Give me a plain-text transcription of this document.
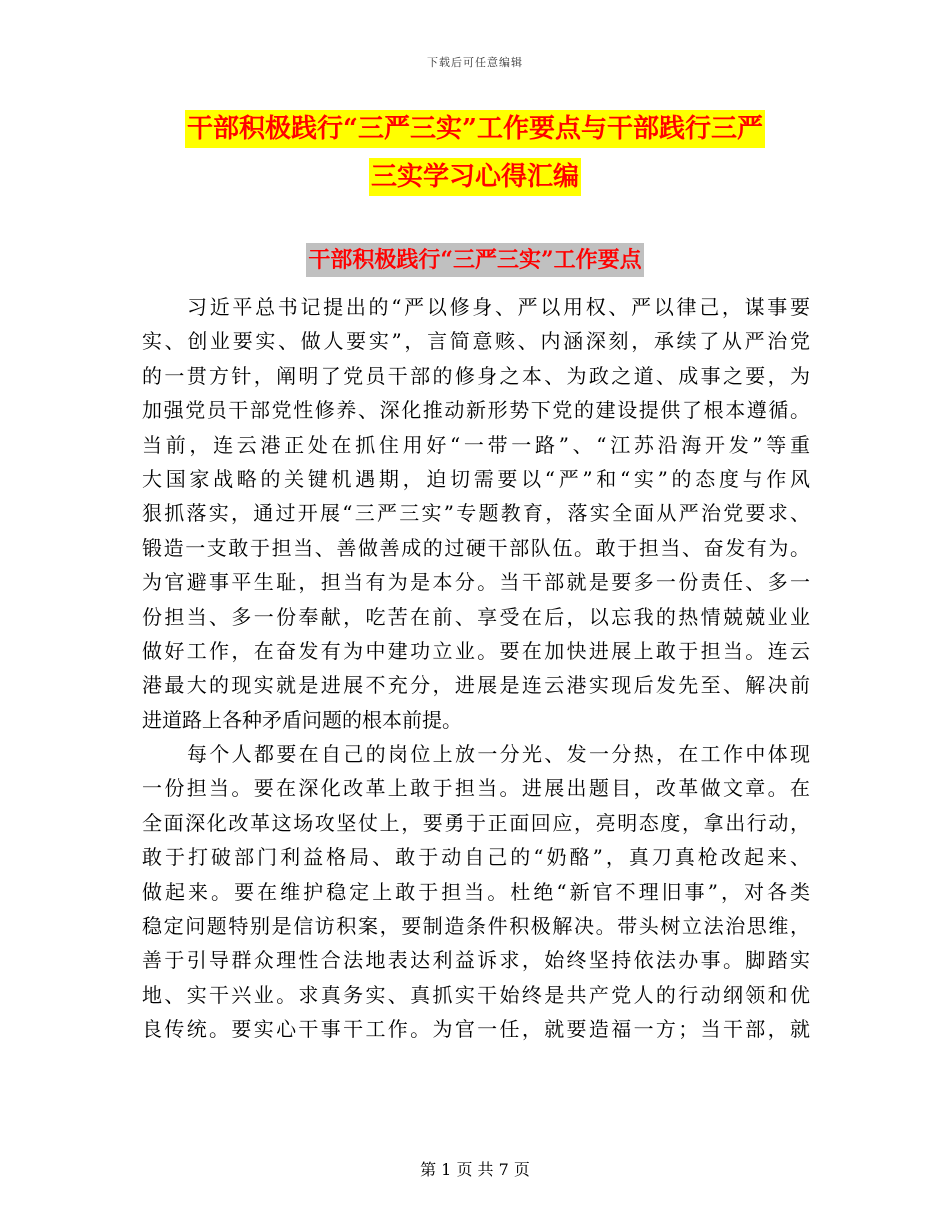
下载后可任意编辑
干部积极践行“三严三实”工作要点与干部践行三严
三实学习心得汇编
干部积极践行“三严三实”工作要点
习近平总书记提出的“严以修身、严以用权、严以律己，谋事要
实、创业要实、做人要实”，言简意赅、内涵深刻，承续了从严治党
的一贯方针，阐明了党员干部的修身之本、为政之道、成事之要，为
加强党员干部党性修养、深化推动新形势下党的建设提供了根本遵循。
当前，连云港正处在抓住用好“一带一路”、“江苏沿海开发”等重
大国家战略的关键机遇期，迫切需要以“严”和“实”的态度与作风
狠抓落实，通过开展“三严三实”专题教育，落实全面从严治党要求、
锻造一支敢于担当、善做善成的过硬干部队伍。敢于担当、奋发有为。
为官避事平生耻，担当有为是本分。当干部就是要多一份责任、多一
份担当、多一份奉献，吃苦在前、享受在后，以忘我的热情兢兢业业
做好工作，在奋发有为中建功立业。要在加快进展上敢于担当。连云
港最大的现实就是进展不充分，进展是连云港实现后发先至、解决前
进道路上各种矛盾问题的根本前提。
每个人都要在自己的岗位上放一分光、发一分热，在工作中体现
一份担当。要在深化改革上敢于担当。进展出题目，改革做文章。在
全面深化改革这场攻坚仗上，要勇于正面回应，亮明态度，拿出行动，
敢于打破部门利益格局、敢于动自己的“奶酪”，真刀真枪改起来、
做起来。要在维护稳定上敢于担当。杜绝“新官不理旧事”，对各类
稳定问题特别是信访积案，要制造条件积极解决。带头树立法治思维，
善于引导群众理性合法地表达利益诉求，始终坚持依法办事。脚踏实
地、实干兴业。求真务实、真抓实干始终是共产党人的行动纲领和优
良传统。要实心干事干工作。为官一任，就要造福一方；当干部，就
第 1 页 共 7 页
